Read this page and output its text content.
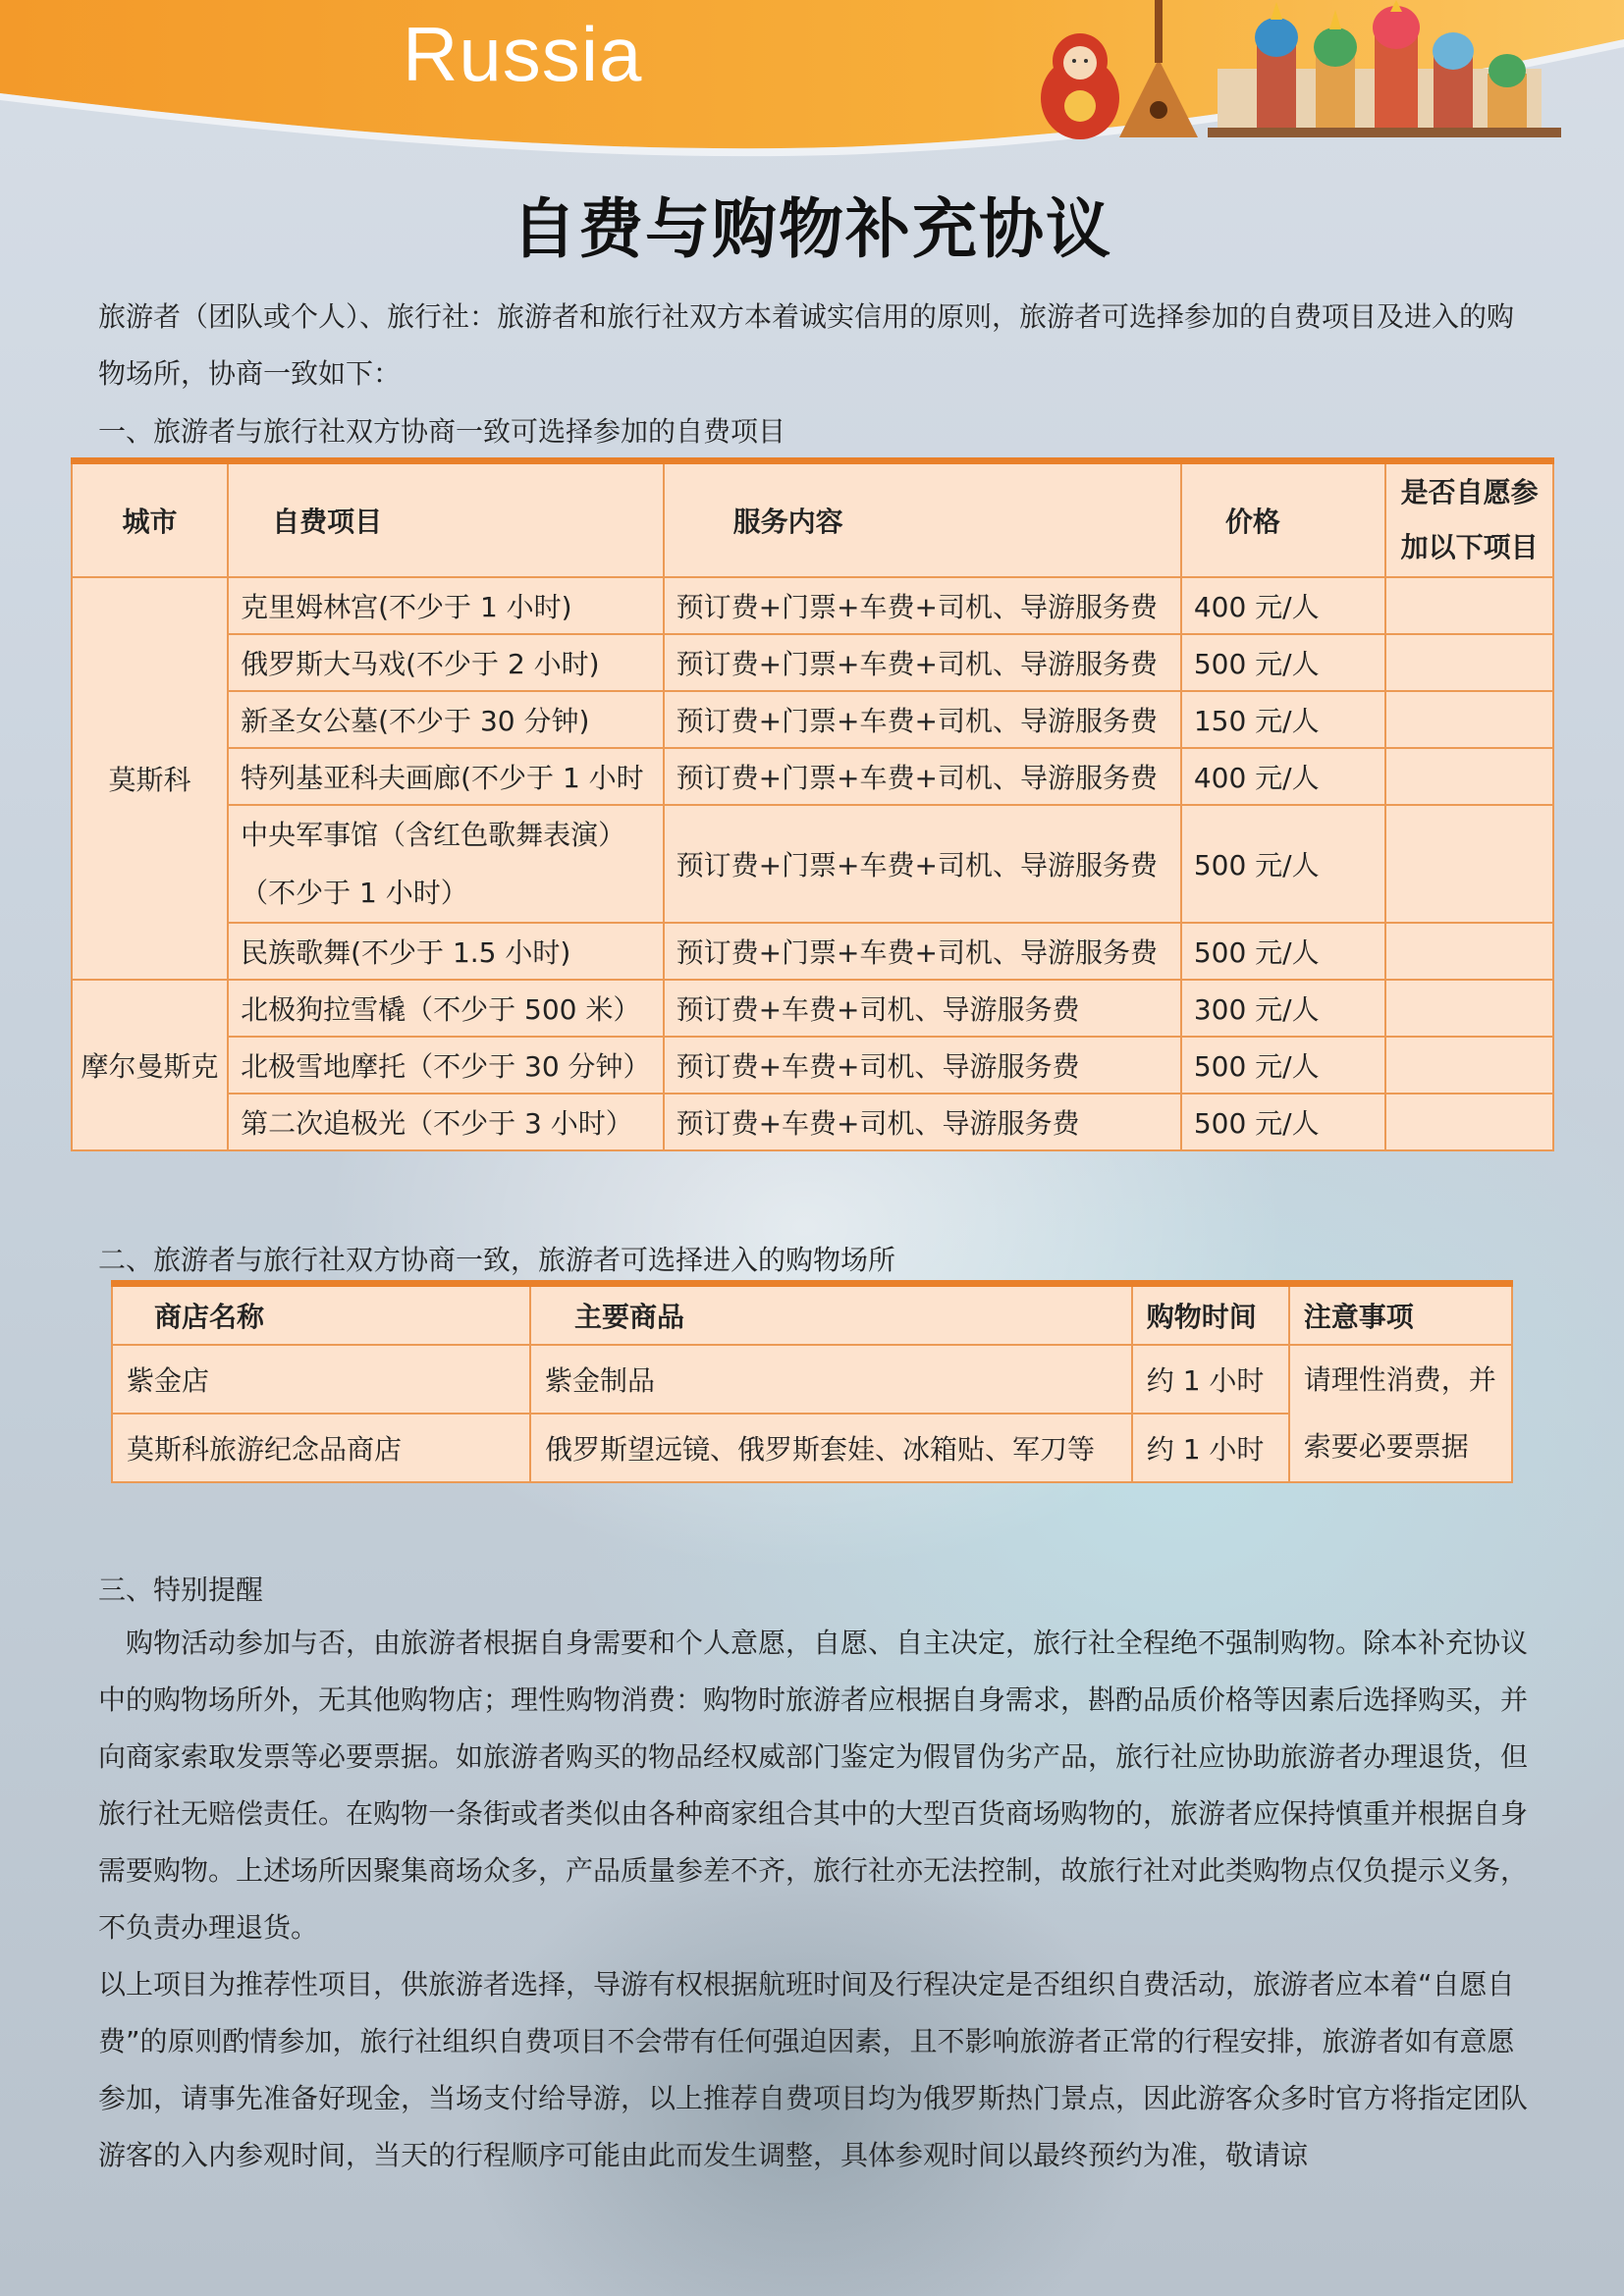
Russia
自费与购物补充协议
旅游者（团队或个人）、旅行社：旅游者和旅行社双方本着诚实信用的原则，旅游者可选择参加的自费项目及进入的购物场所，协商一致如下：
一、旅游者与旅行社双方协商一致可选择参加的自费项目
城市	自费项目	服务内容	价格	是否自愿参加以下项目
莫斯科	克里姆林宫(不少于 1 小时)	预订费+门票+车费+司机、导游服务费	400 元/人	
	俄罗斯大马戏(不少于 2 小时)	预订费+门票+车费+司机、导游服务费	500 元/人	
	新圣女公墓(不少于 30 分钟)	预订费+门票+车费+司机、导游服务费	150 元/人	
	特列基亚科夫画廊(不少于 1 小时	预订费+门票+车费+司机、导游服务费	400 元/人	
	中央军事馆（含红色歌舞表演）（不少于 1 小时）	预订费+门票+车费+司机、导游服务费	500 元/人	
	民族歌舞(不少于 1.5 小时)	预订费+门票+车费+司机、导游服务费	500 元/人	
摩尔曼斯克	北极狗拉雪橇（不少于 500 米）	预订费+车费+司机、导游服务费	300 元/人	
	北极雪地摩托（不少于 30 分钟）	预订费+车费+司机、导游服务费	500 元/人	
	第二次追极光（不少于 3 小时）	预订费+车费+司机、导游服务费	500 元/人	
二、旅游者与旅行社双方协商一致，旅游者可选择进入的购物场所
商店名称	主要商品	购物时间	注意事项
紫金店	紫金制品	约 1 小时	请理性消费，并索要必要票据
莫斯科旅游纪念品商店	俄罗斯望远镜、俄罗斯套娃、冰箱贴、军刀等	约 1 小时	
三、特别提醒
购物活动参加与否，由旅游者根据自身需要和个人意愿，自愿、自主决定，旅行社全程绝不强制购物。除本补充协议中的购物场所外，无其他购物店；理性购物消费：购物时旅游者应根据自身需求，斟酌品质价格等因素后选择购买，并向商家索取发票等必要票据。如旅游者购买的物品经权威部门鉴定为假冒伪劣产品，旅行社应协助旅游者办理退货，但旅行社无赔偿责任。在购物一条街或者类似由各种商家组合其中的大型百货商场购物的，旅游者应保持慎重并根据自身需要购物。上述场所因聚集商场众多，产品质量参差不齐，旅行社亦无法控制，故旅行社对此类购物点仅负提示义务，不负责办理退货。
以上项目为推荐性项目，供旅游者选择，导游有权根据航班时间及行程决定是否组织自费活动，旅游者应本着“自愿自费”的原则酌情参加，旅行社组织自费项目不会带有任何强迫因素，且不影响旅游者正常的行程安排，旅游者如有意愿参加，请事先准备好现金，当场支付给导游，以上推荐自费项目均为俄罗斯热门景点，因此游客众多时官方将指定团队游客的入内参观时间，当天的行程顺序可能由此而发生调整，具体参观时间以最终预约为准，敬请谅
